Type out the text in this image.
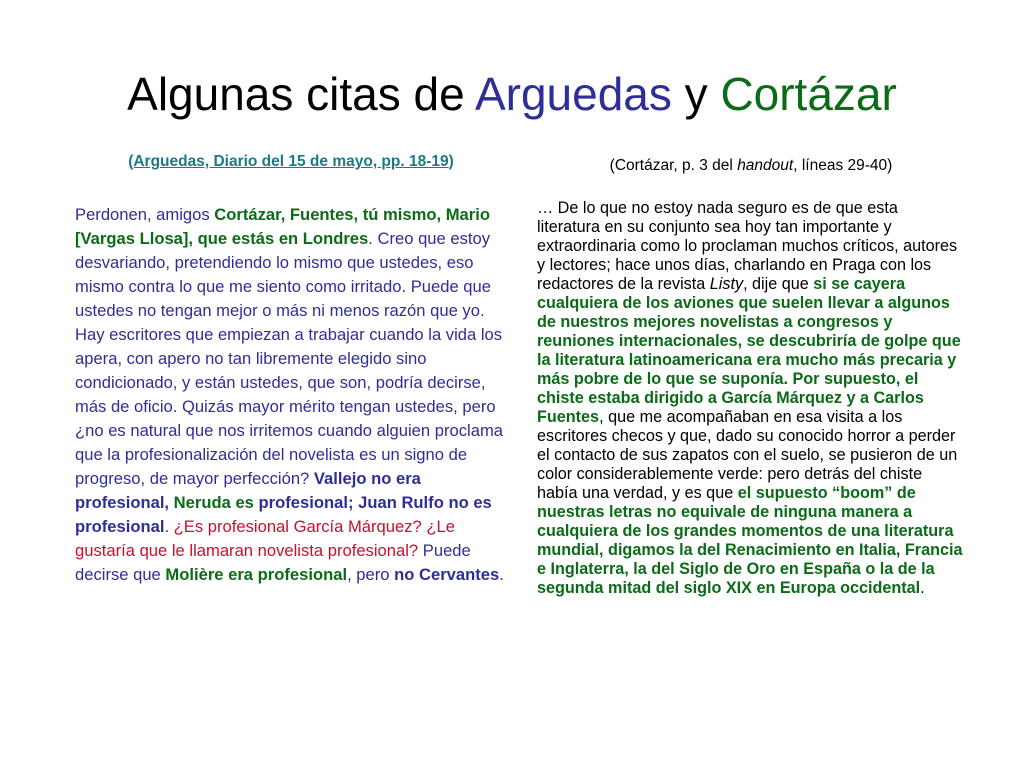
Algunas citas de Arguedas y Cortázar
(Arguedas, Diario del 15 de mayo, pp. 18-19)
Perdonen, amigos Cortázar, Fuentes, tú mismo, Mario [Vargas Llosa], que estás en Londres. Creo que estoy desvariando, pretendiendo lo mismo que ustedes, eso mismo contra lo que me siento como irritado. Puede que ustedes no tengan mejor o más ni menos razón que yo. Hay escritores que empiezan a trabajar cuando la vida los apera, con apero no tan libremente elegido sino condicionado, y están ustedes, que son, podría decirse, más de oficio. Quizás mayor mérito tengan ustedes, pero ¿no es natural que nos irritemos cuando alguien proclama que la profesionalización del novelista es un signo de progreso, de mayor perfección? Vallejo no era profesional, Neruda es profesional; Juan Rulfo no es profesional. ¿Es profesional García Márquez? ¿Le gustaría que le llamaran novelista profesional? Puede decirse que Molière era profesional, pero no Cervantes.
(Cortázar, p. 3 del handout, líneas 29-40)
… De lo que no estoy nada seguro es de que esta literatura en su conjunto sea hoy tan importante y extraordinaria como lo proclaman muchos críticos, autores y lectores; hace unos días, charlando en Praga con los redactores de la revista Listy, dije que si se cayera cualquiera de los aviones que suelen llevar a algunos de nuestros mejores novelistas a congresos y reuniones internacionales, se descubriría de golpe que la literatura latinoamericana era mucho más precaria y más pobre de lo que se suponía. Por supuesto, el chiste estaba dirigido a García Márquez y a Carlos Fuentes, que me acompañaban en esa visita a los escritores checos y que, dado su conocido horror a perder el contacto de sus zapatos con el suelo, se pusieron de un color considerablemente verde: pero detrás del chiste había una verdad, y es que el supuesto “boom” de nuestras letras no equivale de ninguna manera a cualquiera de los grandes momentos de una literatura mundial, digamos la del Renacimiento en Italia, Francia e Inglaterra, la del Siglo de Oro en España o la de la segunda mitad del siglo XIX en Europa occidental.
